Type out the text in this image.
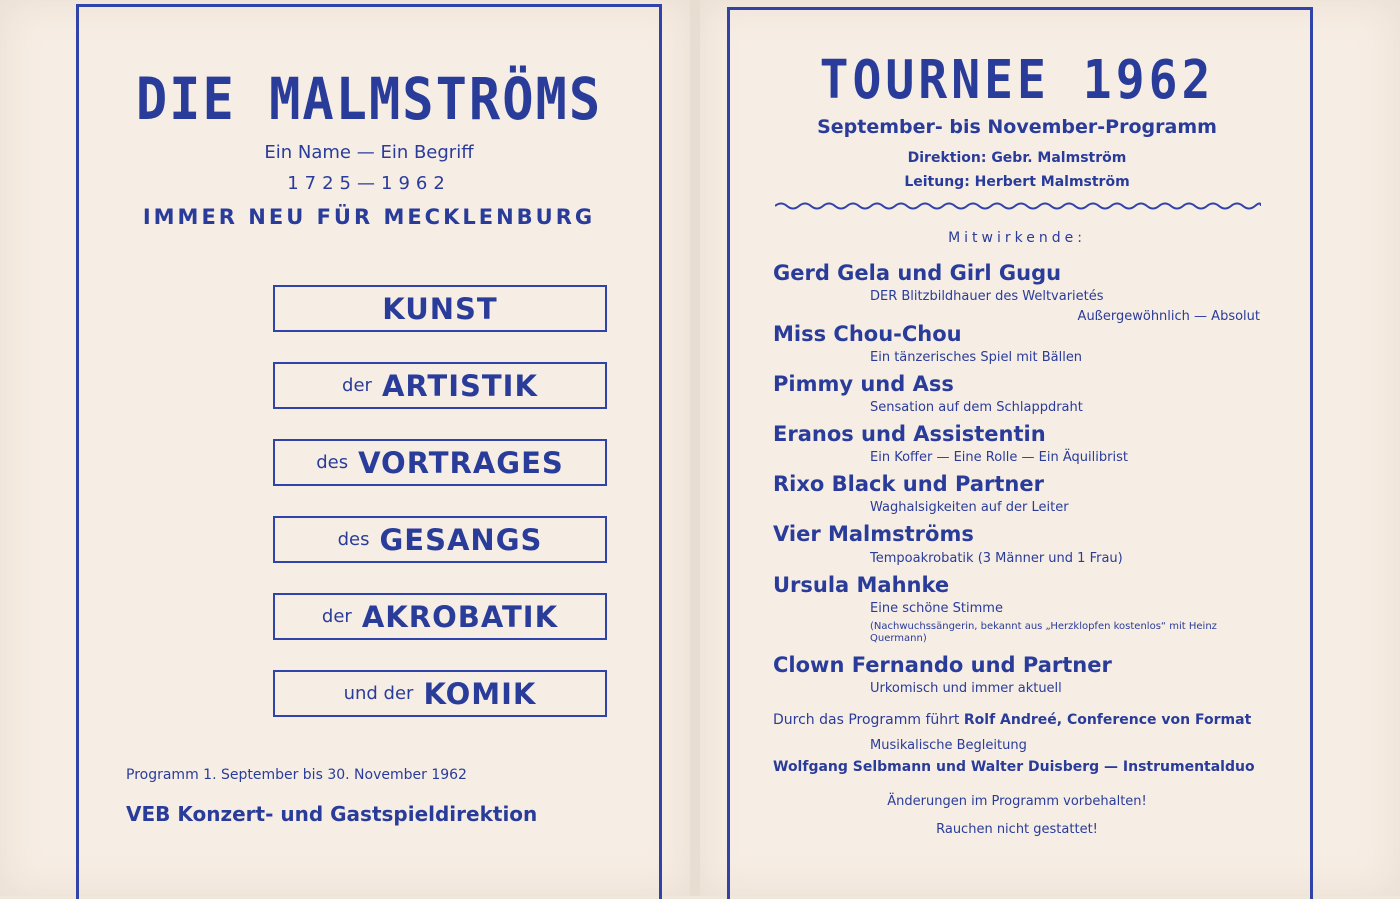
DIE MALMSTRÖMS
Ein Name — Ein Begriff
1725—1962
IMMER NEU FÜR MECKLENBURG
KUNST
der ARTISTIK
des VORTRAGES
des GESANGS
der AKROBATIK
und der KOMIK
Programm 1. September bis 30. November 1962
VEB Konzert- und Gastspieldirektion
TOURNEE 1962
September- bis November-Programm
Direktion: Gebr. Malmström
Leitung: Herbert Malmström
Mitwirkende:
Gerd Gela und Girl Gugu
DER Blitzbildhauer des Weltvarietés
Außergewöhnlich — Absolut
Miss Chou-Chou
Ein tänzerisches Spiel mit Bällen
Pimmy und Ass
Sensation auf dem Schlappdraht
Eranos und Assistentin
Ein Koffer — Eine Rolle — Ein Äquilibrist
Rixo Black und Partner
Waghalsigkeiten auf der Leiter
Vier Malmströms
Tempoakrobatik (3 Männer und 1 Frau)
Ursula Mahnke
Eine schöne Stimme
(Nachwuchssängerin, bekannt aus „Herzklopfen kostenlos“ mit Heinz Quermann)
Clown Fernando und Partner
Urkomisch und immer aktuell
Durch das Programm führt Rolf Andreé, Conference von Format
Musikalische Begleitung
Wolfgang Selbmann und Walter Duisberg — Instrumentalduo
Änderungen im Programm vorbehalten!
Rauchen nicht gestattet!
